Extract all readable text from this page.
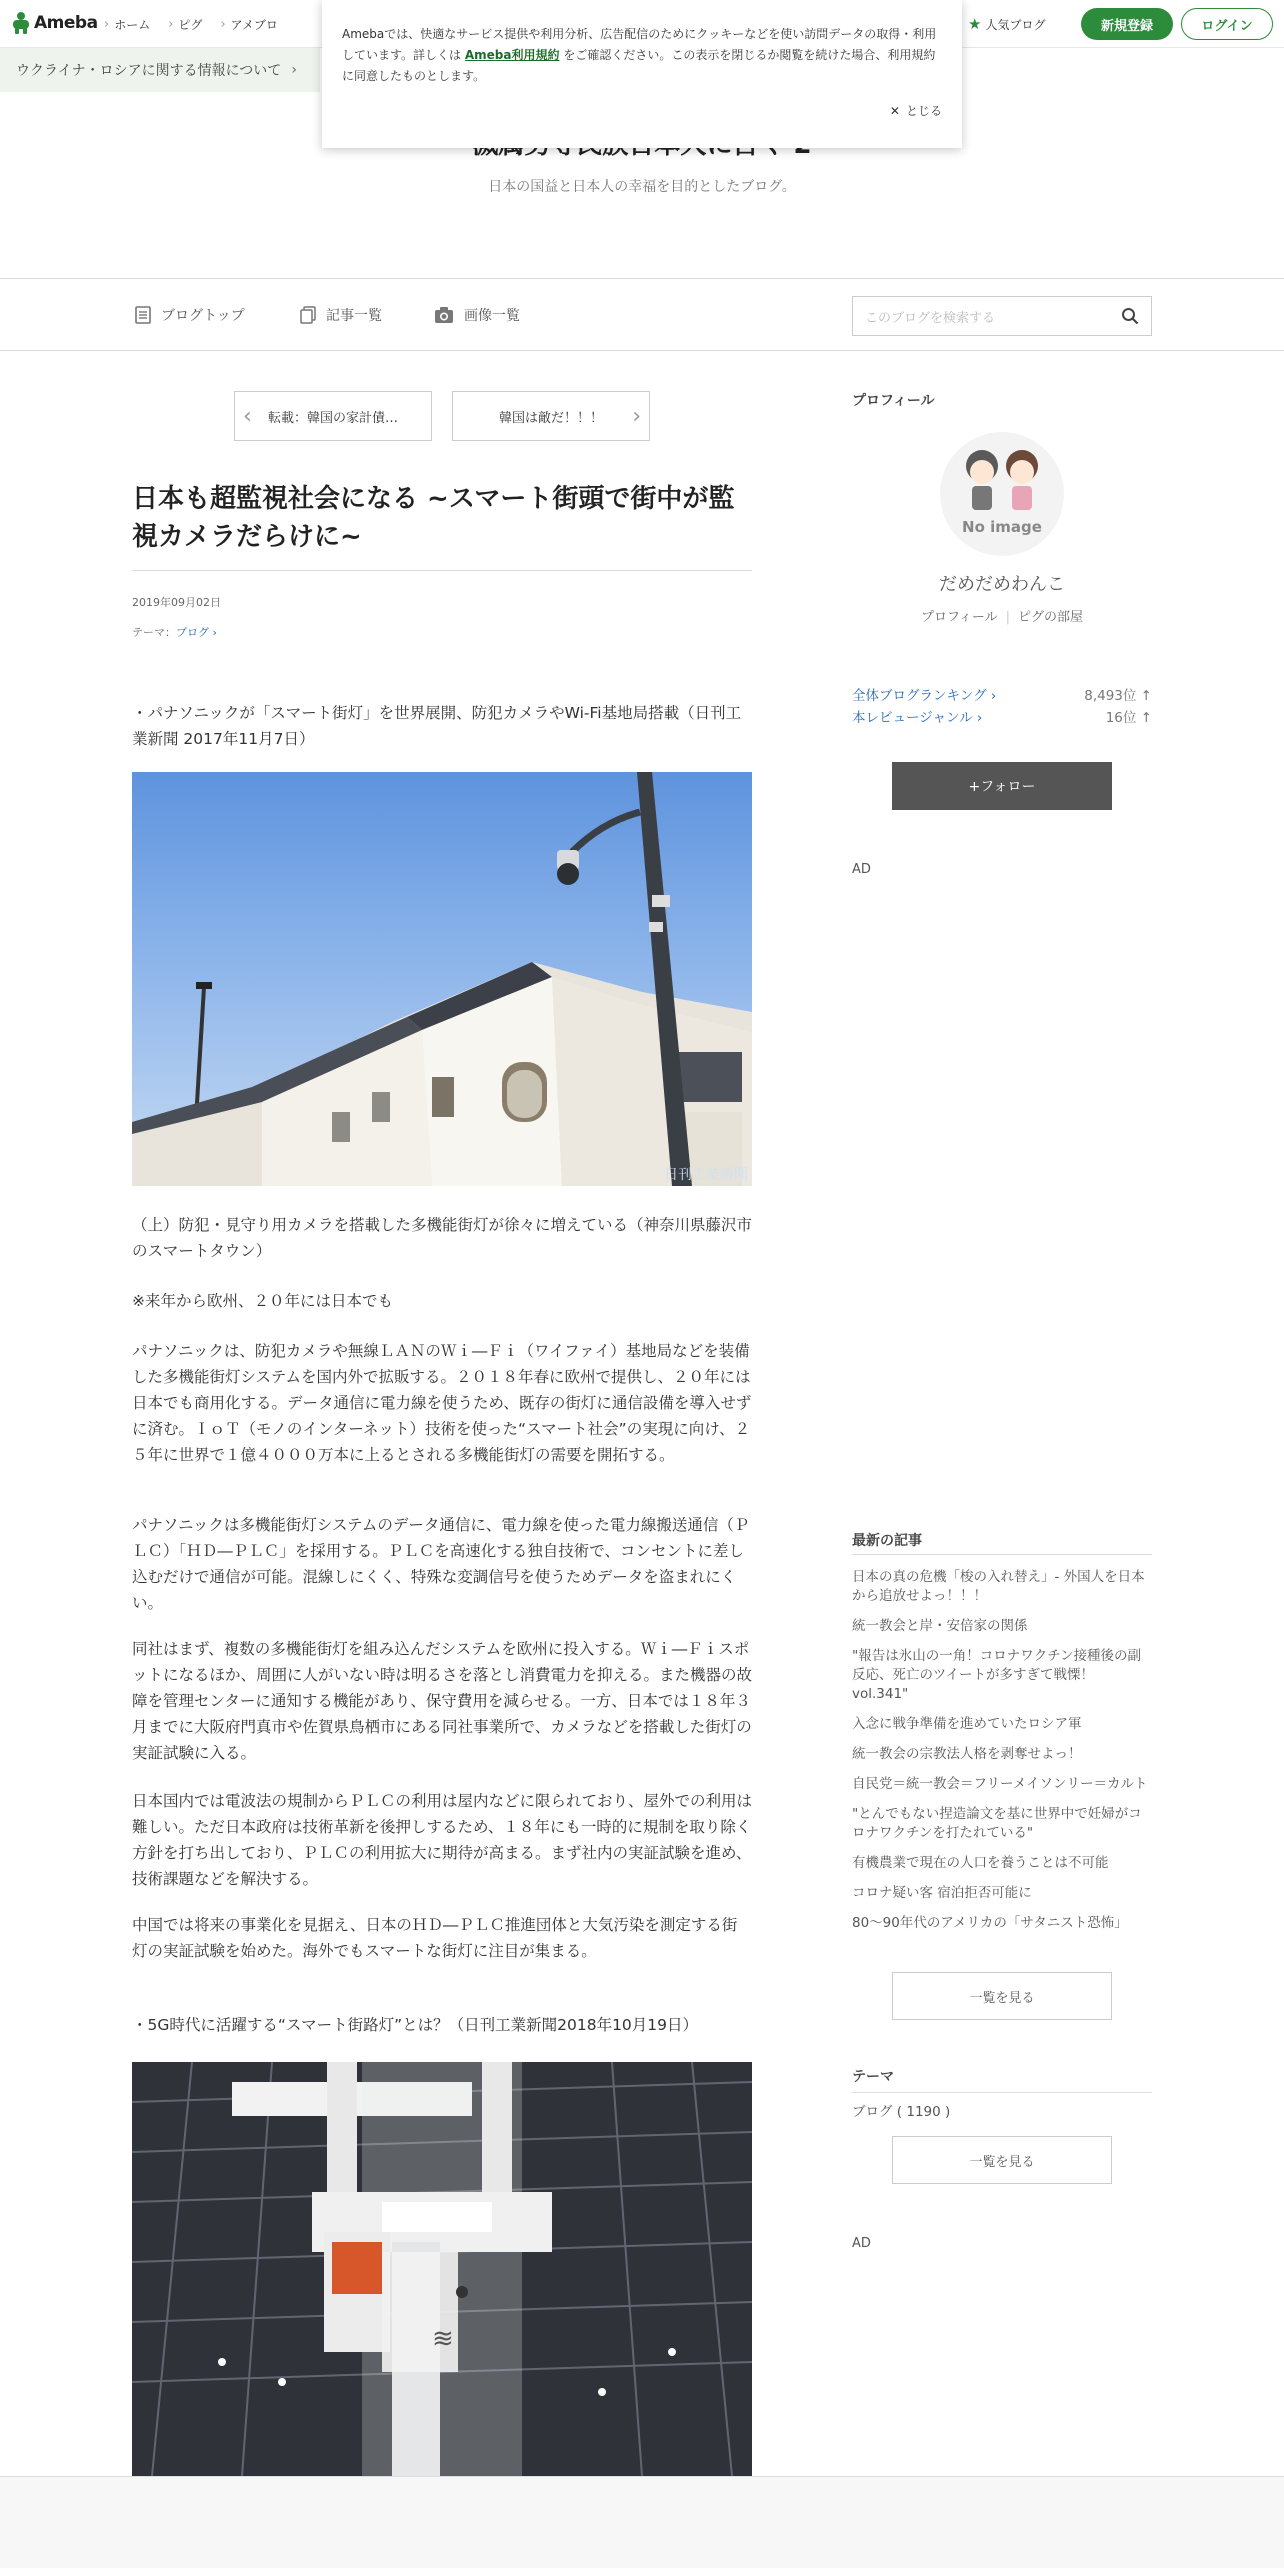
Ameba	› ホーム	› ピグ	› アメブロ	★ 人気ブログ	新規登録	ログイン
ウクライナ・ロシアに関する情報について ›

Amebaでは、快適なサービス提供や利用分析、広告配信のためにクッキーなどを使い訪問データの取得・利用しています。詳しくは Ameba利用規約 をご確認ください。この表示を閉じるか閲覧を続けた場合、利用規約に同意したものとします。

✕ とじる
日本の国益と日本人の幸福を目的としたブログ。
ブログトップ	記事一覧	画像一覧	このブログを検索する
‹ 転載：韓国の家計債…	韓国は敵だ！！！ ›
日本も超監視社会になる ~スマート街頭で街中が監視カメラだらけに~
2019年09月02日
テーマ：ブログ ›

・パナソニックが「スマート街灯」を世界展開、防犯カメラやWi-Fi基地局搭載（日刊工業新聞 2017年11月7日）

日刊工業新聞

（上）防犯・見守り用カメラを搭載した多機能街灯が徐々に増えている（神奈川県藤沢市のスマートタウン）

※来年から欧州、２０年には日本でも

パナソニックは、防犯カメラや無線ＬＡＮのＷｉ―Ｆｉ（ワイファイ）基地局などを装備した多機能街灯システムを国内外で拡販する。２０１８年春に欧州で提供し、２０年には日本でも商用化する。データ通信に電力線を使うため、既存の街灯に通信設備を導入せずに済む。ＩｏＴ（モノのインターネット）技術を使った“スマート社会”の実現に向け、２５年に世界で１億４０００万本に上るとされる多機能街灯の需要を開拓する。

パナソニックは多機能街灯システムのデータ通信に、電力線を使った電力線搬送通信（ＰＬＣ）「ＨＤ―ＰＬＣ」を採用する。ＰＬＣを高速化する独自技術で、コンセントに差し込むだけで通信が可能。混線しにくく、特殊な変調信号を使うためデータを盗まれにくい。

同社はまず、複数の多機能街灯を組み込んだシステムを欧州に投入する。Ｗｉ―Ｆｉスポットになるほか、周囲に人がいない時は明るさを落とし消費電力を抑える。また機器の故障を管理センターに通知する機能があり、保守費用を減らせる。一方、日本では１８年３月までに大阪府門真市や佐賀県鳥栖市にある同社事業所で、カメラなどを搭載した街灯の実証試験に入る。

日本国内では電波法の規制からＰＬＣの利用は屋内などに限られており、屋外での利用は難しい。ただ日本政府は技術革新を後押しするため、１８年にも一時的に規制を取り除く方針を打ち出しており、ＰＬＣの利用拡大に期待が高まる。まず社内の実証試験を進め、技術課題などを解決する。

中国では将来の事業化を見据え、日本のＨＤ―ＰＬＣ推進団体と大気汚染を測定する街灯の実証試験を始めた。海外でもスマートな街灯に注目が集まる。

・5G時代に活躍する“スマート街路灯”とは？（日刊工業新聞2018年10月19日）

≋
プロフィール
No image
だめだめわんこ
プロフィール | ピグの部屋
全体ブログランキング ›	8,493位 ↑
本レビュージャンル ›	16位 ↑
+フォロー
AD
最新の記事
日本の真の危機「梭の入れ替え」- 外国人を日本から追放せよっ！！！
統一教会と岸・安倍家の関係
"報告は氷山の一角！コロナワクチン接種後の副反応、死亡のツイートが多すぎて戦慄！ vol.341"
入念に戦争準備を進めていたロシア軍
統一教会の宗教法人格を剥奪せよっ！
自民党＝統一教会＝フリーメイソンリー＝カルト
"とんでもない捏造論文を基に世界中で妊婦がコロナワクチンを打たれている"
有機農業で現在の人口を養うことは不可能
コロナ疑い客 宿泊拒否可能に
80～90年代のアメリカの「サタニスト恐怖」
一覧を見る
テーマ
ブログ ( 1190 )
一覧を見る
AD
